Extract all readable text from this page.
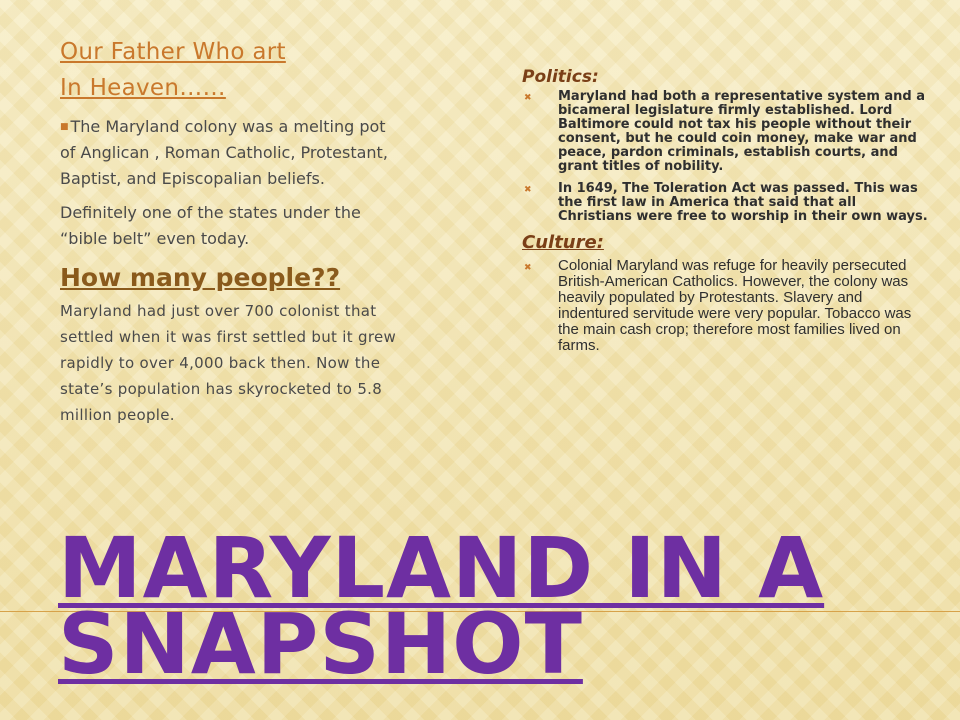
Our Father Who art
In Heaven……

■ The Maryland colony was a melting pot of Anglican , Roman Catholic, Protestant, Baptist, and Episcopalian beliefs.

Definitely one of the states under the “bible belt” even today.

How many people??

Maryland had just over 700 colonist that settled when it was first settled but it grew rapidly to over 4,000 back then. Now the state’s population has skyrocketed to 5.8 million people.

Politics:

✖ Maryland had both a representative system and a bicameral legislature firmly established. Lord Baltimore could not tax his people without their consent, but he could coin money, make war and peace, pardon criminals, establish courts, and grant titles of nobility.
✖ In 1649, The Toleration Act was passed. This was the first law in America that said that all Christians were free to worship in their own ways.

Culture:

✖ Colonial Maryland was refuge for heavily persecuted British-American Catholics. However, the colony was heavily populated by Protestants. Slavery and indentured servitude were very popular. Tobacco was the main cash crop; therefore most families lived on farms.
MARYLAND IN A
SNAPSHOT
